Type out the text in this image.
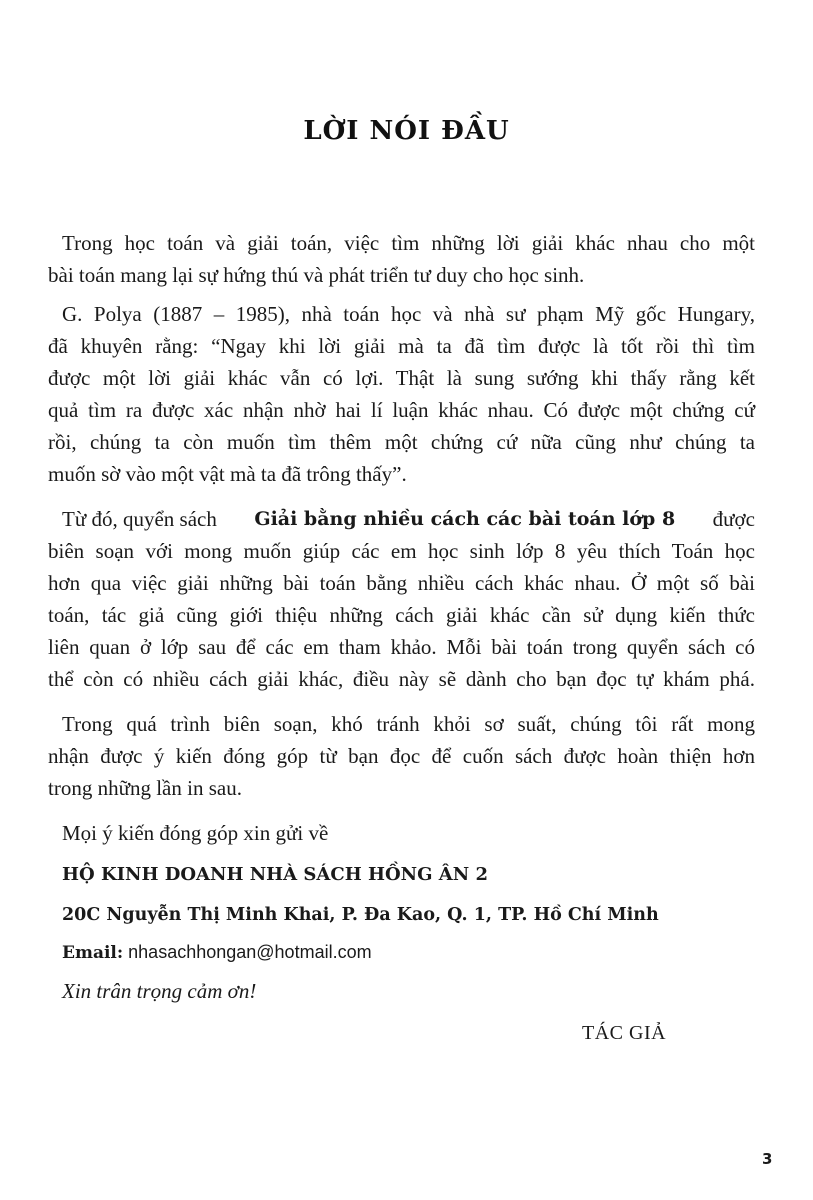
LỜI NÓI ĐẦU
Trong học toán và giải toán, việc tìm những lời giải khác nhau cho một
bài toán mang lại sự hứng thú và phát triển tư duy cho học sinh.
G. Polya (1887 – 1985), nhà toán học và nhà sư phạm Mỹ gốc Hungary,
đã khuyên rằng: “Ngay khi lời giải mà ta đã tìm được là tốt rồi thì tìm
được một lời giải khác vẫn có lợi. Thật là sung sướng khi thấy rằng kết
quả tìm ra được xác nhận nhờ hai lí luận khác nhau. Có được một chứng cứ
rồi, chúng ta còn muốn tìm thêm một chứng cứ nữa cũng như chúng ta
muốn sờ vào một vật mà ta đã trông thấy”.
Từ đó, quyển sách Giải bằng nhiều cách các bài toán lớp 8 được
biên soạn với mong muốn giúp các em học sinh lớp 8 yêu thích Toán học
hơn qua việc giải những bài toán bằng nhiều cách khác nhau. Ở một số bài
toán, tác giả cũng giới thiệu những cách giải khác cần sử dụng kiến thức
liên quan ở lớp sau để các em tham khảo. Mỗi bài toán trong quyển sách có
thể còn có nhiều cách giải khác, điều này sẽ dành cho bạn đọc tự khám phá.
Trong quá trình biên soạn, khó tránh khỏi sơ suất, chúng tôi rất mong
nhận được ý kiến đóng góp từ bạn đọc để cuốn sách được hoàn thiện hơn
trong những lần in sau.
Mọi ý kiến đóng góp xin gửi về
HỘ KINH DOANH NHÀ SÁCH HỒNG ÂN 2
20C Nguyễn Thị Minh Khai, P. Đa Kao, Q. 1, TP. Hồ Chí Minh
Email: nhasachhongan@hotmail.com
Xin trân trọng cảm ơn!
TÁC GIẢ
3
